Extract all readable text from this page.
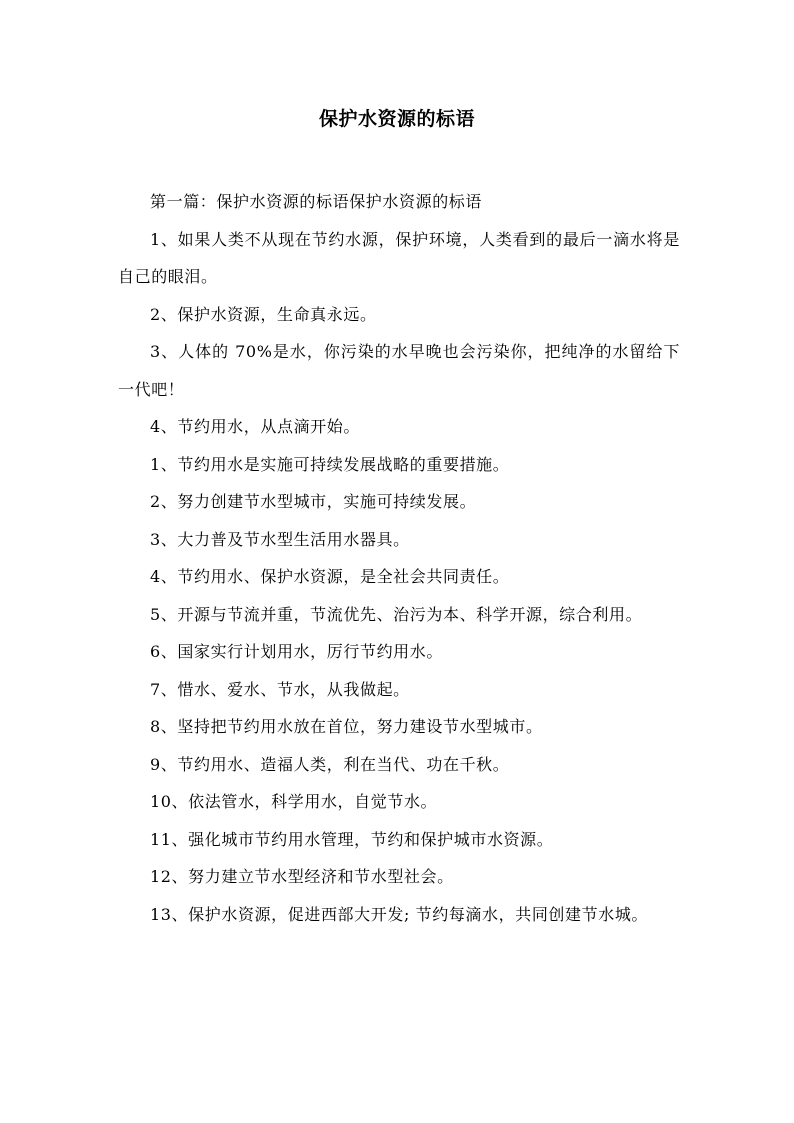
保护水资源的标语

第一篇：保护水资源的标语保护水资源的标语

1、如果人类不从现在节约水源，保护环境，人类看到的最后一滴水将是自己的眼泪。

2、保护水资源，生命真永远。

3、人体的 70%是水，你污染的水早晚也会污染你，把纯净的水留给下一代吧！

4、节约用水，从点滴开始。

1、节约用水是实施可持续发展战略的重要措施。

2、努力创建节水型城市，实施可持续发展。

3、大力普及节水型生活用水器具。

4、节约用水、保护水资源，是全社会共同责任。

5、开源与节流并重，节流优先、治污为本、科学开源，综合利用。

6、国家实行计划用水，厉行节约用水。

7、惜水、爱水、节水，从我做起。

8、坚持把节约用水放在首位，努力建设节水型城市。

9、节约用水、造福人类，利在当代、功在千秋。

10、依法管水，科学用水，自觉节水。

11、强化城市节约用水管理，节约和保护城市水资源。

12、努力建立节水型经济和节水型社会。

13、保护水资源，促进西部大开发; 节约每滴水，共同创建节水城。
